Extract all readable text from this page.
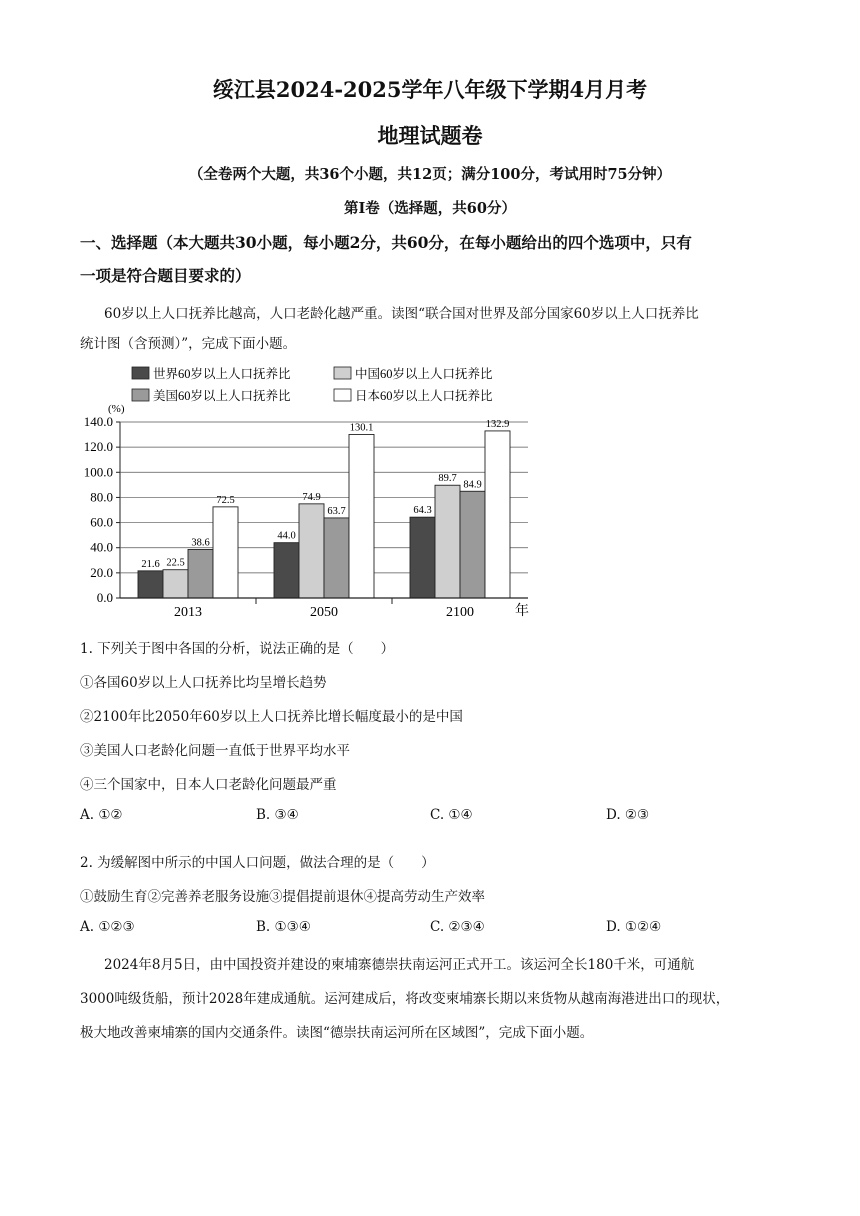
绥江县2024-2025学年八年级下学期4月月考
地理试题卷
（全卷两个大题，共36个小题，共12页；满分100分，考试用时75分钟）
第Ⅰ卷（选择题，共60分）
一、选择题（本大题共30小题，每小题2分，共60分，在每小题给出的四个选项中，只有
一项是符合题目要求的）
60岁以上人口抚养比越高，人口老龄化越严重。读图“联合国对世界及部分国家60岁以上人口抚养比
统计图（含预测）”，完成下面小题。
世界60岁以上人口抚养比	中国60岁以上人口抚养比
美国60岁以上人口抚养比	日本60岁以上人口抚养比
(%)
0.0
20.0
40.0
60.0
80.0
100.0
120.0
140.0
21.6 22.5
38.6
72.5
44.0
74.9
63.7
130.1
64.3
89.7
84.9
132.9
2013	2050	2100	年
1. 下列关于图中各国的分析，说法正确的是（　　）
①各国60岁以上人口抚养比均呈增长趋势
②2100年比2050年60岁以上人口抚养比增长幅度最小的是中国
③美国人口老龄化问题一直低于世界平均水平
④三个国家中，日本人口老龄化问题最严重
A. ①②	B. ③④	C. ①④	D. ②③
2. 为缓解图中所示的中国人口问题，做法合理的是（　　）
①鼓励生育②完善养老服务设施③提倡提前退休④提高劳动生产效率
A. ①②③	B. ①③④	C. ②③④	D. ①②④
2024年8月5日，由中国投资并建设的柬埔寨德崇扶南运河正式开工。该运河全长180千米，可通航
3000吨级货船，预计2028年建成通航。运河建成后，将改变柬埔寨长期以来货物从越南海港进出口的现状，
极大地改善柬埔寨的国内交通条件。读图“德崇扶南运河所在区域图”，完成下面小题。
